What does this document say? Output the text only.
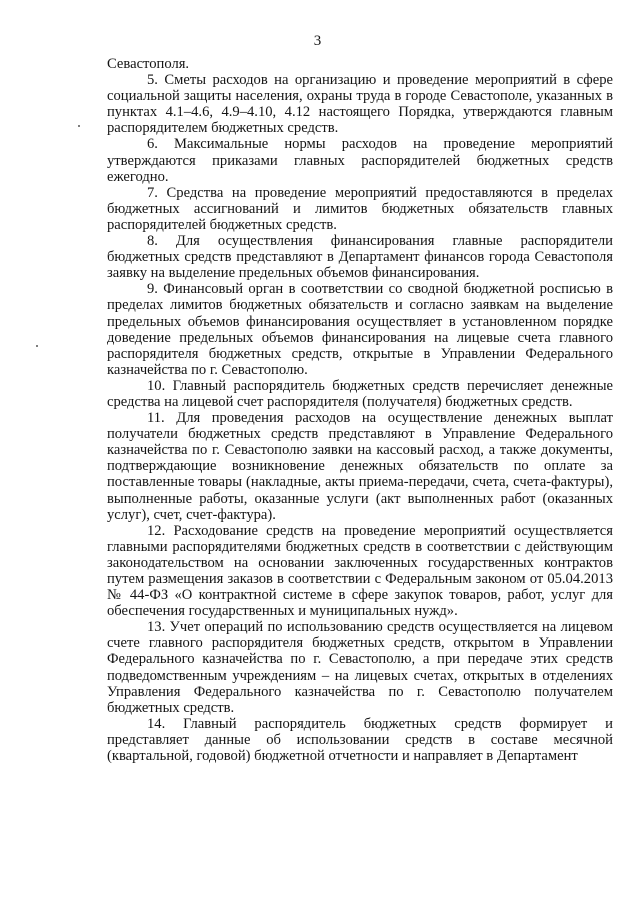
3

Севастополя.

5. Сметы расходов на организацию и проведение мероприятий в сфере социальной защиты населения, охраны труда в городе Севастополе, указанных в пунктах 4.1–4.6, 4.9–4.10, 4.12 настоящего Порядка, утверждаются главным распорядителем бюджетных средств.

6. Максимальные нормы расходов на проведение мероприятий утверждаются приказами главных распорядителей бюджетных средств ежегодно.

7. Средства на проведение мероприятий предоставляются в пределах бюджетных ассигнований и лимитов бюджетных обязательств главных распорядителей бюджетных средств.

8. Для осуществления финансирования главные распорядители бюджетных средств представляют в Департамент финансов города Севастополя заявку на выделение предельных объемов финансирования.

9. Финансовый орган в соответствии со сводной бюджетной росписью в пределах лимитов бюджетных обязательств и согласно заявкам на выделение предельных объемов финансирования осуществляет в установленном порядке доведение предельных объемов финансирования на лицевые счета главного распорядителя бюджетных средств, открытые в Управлении Федерального казначейства по г. Севастополю.

10. Главный распорядитель бюджетных средств перечисляет денежные средства на лицевой счет распорядителя (получателя) бюджетных средств.

11. Для проведения расходов на осуществление денежных выплат получатели бюджетных средств представляют в Управление Федерального казначейства по г. Севастополю заявки на кассовый расход, а также документы, подтверждающие возникновение денежных обязательств по оплате за поставленные товары (накладные, акты приема-передачи, счета, счета-фактуры), выполненные работы, оказанные услуги (акт выполненных работ (оказанных услуг), счет, счет-фактура).

12. Расходование средств на проведение мероприятий осуществляется главными распорядителями бюджетных средств в соответствии с действующим законодательством на основании заключенных государственных контрактов путем размещения заказов в соответствии с Федеральным законом от 05.04.2013 № 44-ФЗ «О контрактной системе в сфере закупок товаров, работ, услуг для обеспечения государственных и муниципальных нужд».

13. Учет операций по использованию средств осуществляется на лицевом счете главного распорядителя бюджетных средств, открытом в Управлении Федерального казначейства по г. Севастополю, а при передаче этих средств подведомственным учреждениям – на лицевых счетах, открытых в отделениях Управления Федерального казначейства по г. Севастополю получателем бюджетных средств.

14. Главный распорядитель бюджетных средств формирует и представляет данные об использовании средств в составе месячной (квартальной, годовой) бюджетной отчетности и направляет в Департамент
